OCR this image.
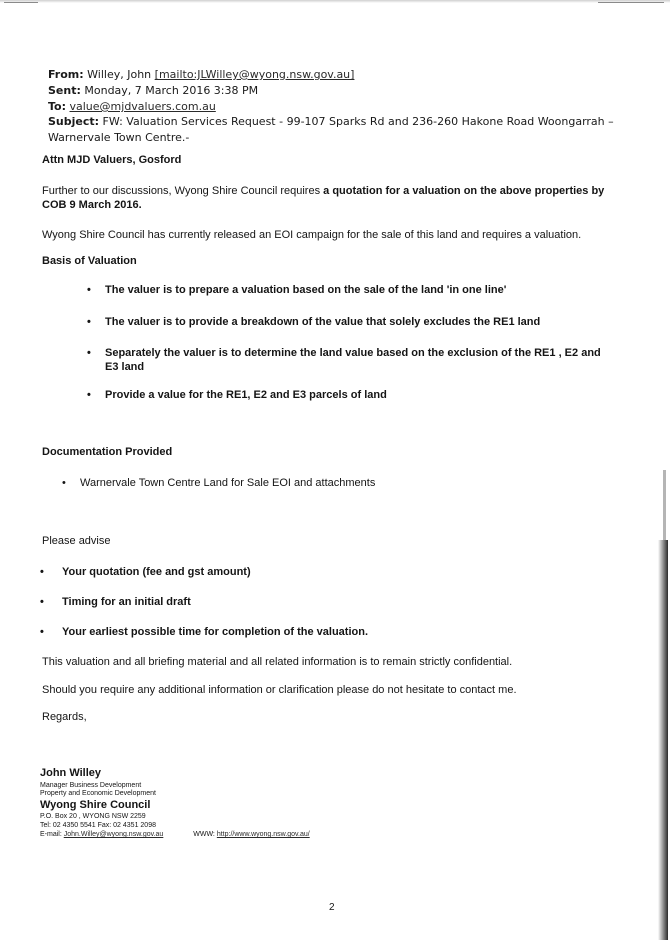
From: Willey, John [mailto:JLWilley@wyong.nsw.gov.au]
Sent: Monday, 7 March 2016 3:38 PM
To: value@mjdvaluers.com.au
Subject: FW: Valuation Services Request - 99-107 Sparks Rd and 236-260 Hakone Road Woongarrah – Warnervale Town Centre.-
Attn MJD Valuers, Gosford
Further to our discussions, Wyong Shire Council requires a quotation for a valuation on the above properties by COB 9 March 2016.
Wyong Shire Council has currently released an EOI campaign for the sale of this land and requires a valuation.
Basis of Valuation
• The valuer is to prepare a valuation based on the sale of the land 'in one line'
• The valuer is to provide a breakdown of the value that solely excludes the RE1 land
• Separately the valuer is to determine the land value based on the exclusion of the RE1 , E2 and E3 land
• Provide a value for the RE1, E2 and E3 parcels of land
Documentation Provided
• Warnervale Town Centre Land for Sale EOI and attachments
Please advise
• Your quotation (fee and gst amount)
• Timing for an initial draft
• Your earliest possible time for completion of the valuation.
This valuation and all briefing material and all related information is to remain strictly confidential.
Should you require any additional information or clarification please do not hesitate to contact me.
Regards,
John Willey
Manager Business Development
Property and Economic Development
Wyong Shire Council
P.O. Box 20 , WYONG NSW 2259
Tel: 02 4350 5541 Fax: 02 4351 2098
E-mail: John.Willey@wyong.nsw.gov.au	WWW: http://www.wyong.nsw.gov.au/
2
